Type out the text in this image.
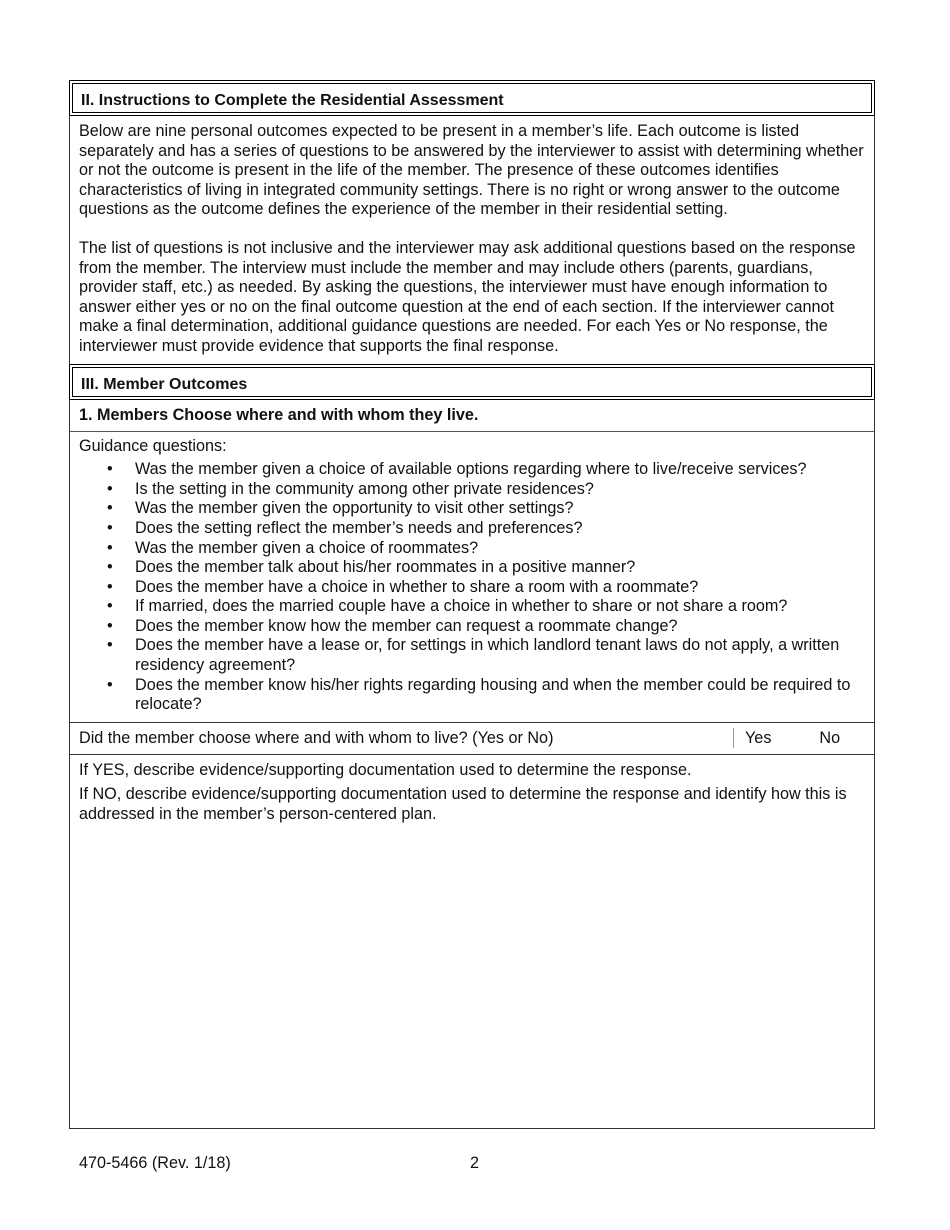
II. Instructions to Complete the Residential Assessment

Below are nine personal outcomes expected to be present in a member’s life. Each outcome is listed separately and has a series of questions to be answered by the interviewer to assist with determining whether or not the outcome is present in the life of the member. The presence of these outcomes identifies characteristics of living in integrated community settings. There is no right or wrong answer to the outcome questions as the outcome defines the experience of the member in their residential setting.

The list of questions is not inclusive and the interviewer may ask additional questions based on the response from the member. The interview must include the member and may include others (parents, guardians, provider staff, etc.) as needed. By asking the questions, the interviewer must have enough information to answer either yes or no on the final outcome question at the end of each section. If the interviewer cannot make a final determination, additional guidance questions are needed. For each Yes or No response, the interviewer must provide evidence that supports the final response.

III. Member Outcomes
1. Members Choose where and with whom they live.
Guidance questions:
• Was the member given a choice of available options regarding where to live/receive services?
• Is the setting in the community among other private residences?
• Was the member given the opportunity to visit other settings?
• Does the setting reflect the member’s needs and preferences?
• Was the member given a choice of roommates?
• Does the member talk about his/her roommates in a positive manner?
• Does the member have a choice in whether to share a room with a roommate?
• If married, does the married couple have a choice in whether to share or not share a room?
• Does the member know how the member can request a roommate change?
• Does the member have a lease or, for settings in which landlord tenant laws do not apply, a written residency agreement?
• Does the member know his/her rights regarding housing and when the member could be required to relocate?
Did the member choose where and with whom to live? (Yes or No)	Yes	No

If YES, describe evidence/supporting documentation used to determine the response.

If NO, describe evidence/supporting documentation used to determine the response and identify how this is addressed in the member’s person-centered plan.

470-5466 (Rev. 1/18)	2
